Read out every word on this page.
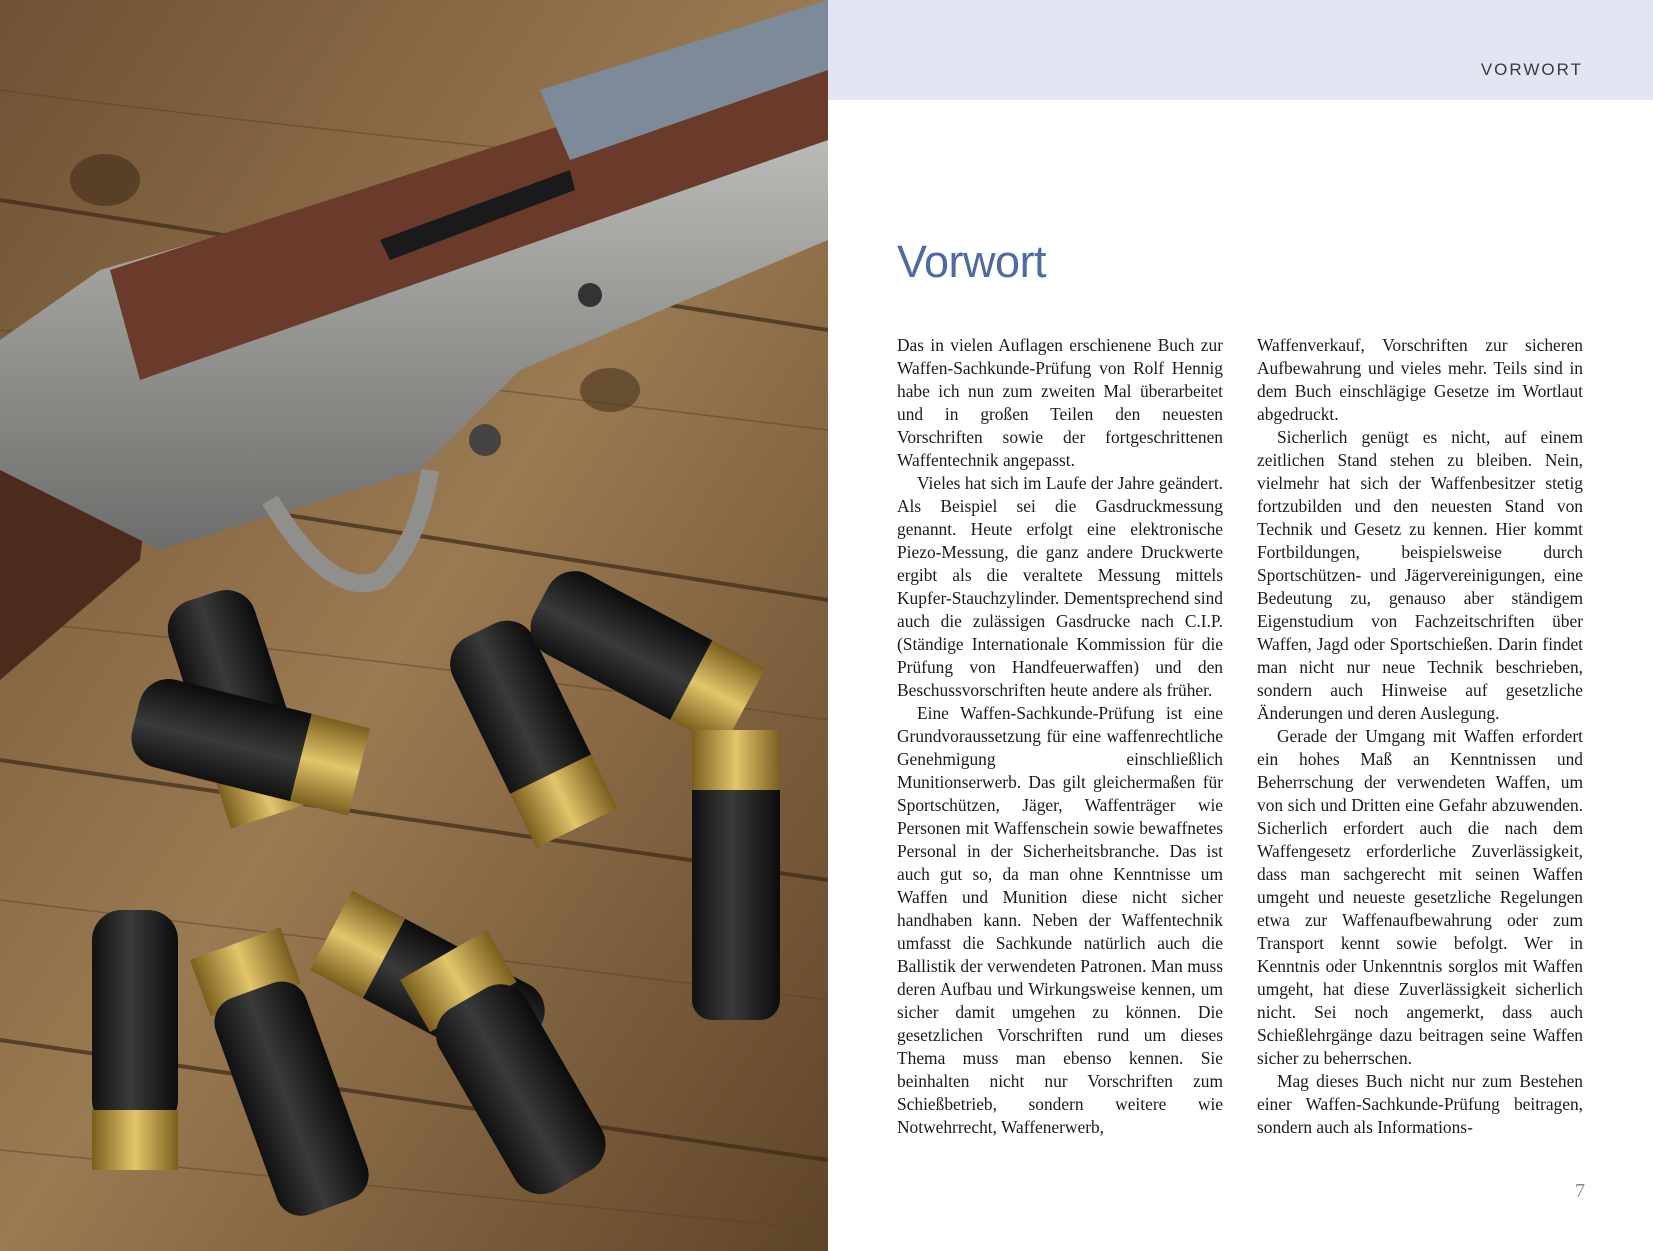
VORWORT
Vorwort

Das in vielen Auflagen erschienene Buch zur Waffen-Sachkunde-Prüfung von Rolf Hennig habe ich nun zum zweiten Mal überarbeitet und in großen Teilen den neuesten Vorschriften sowie der fortgeschrittenen Waffentechnik angepasst.

Vieles hat sich im Laufe der Jahre geändert. Als Beispiel sei die Gasdruckmessung genannt. Heute erfolgt eine elektronische Piezo-Messung, die ganz andere Druckwerte ergibt als die veraltete Messung mittels Kupfer-Stauchzylinder. Dementsprechend sind auch die zulässigen Gasdrucke nach C.I.P. (Ständige Internationale Kommission für die Prüfung von Handfeuerwaffen) und den Beschussvorschriften heute andere als früher.

Eine Waffen-Sachkunde-Prüfung ist eine Grundvoraussetzung für eine waffenrechtliche Genehmigung einschließlich Munitionserwerb. Das gilt gleichermaßen für Sportschützen, Jäger, Waffenträger wie Personen mit Waffenschein sowie bewaffnetes Personal in der Sicherheitsbranche. Das ist auch gut so, da man ohne Kenntnisse um Waffen und Munition diese nicht sicher handhaben kann. Neben der Waffentechnik umfasst die Sachkunde natürlich auch die Ballistik der verwendeten Patronen. Man muss deren Aufbau und Wirkungsweise kennen, um sicher damit umgehen zu können. Die gesetzlichen Vorschriften rund um dieses Thema muss man ebenso kennen. Sie beinhalten nicht nur Vorschriften zum Schießbetrieb, sondern weitere wie Notwehrrecht, Waffenerwerb,

Waffenverkauf, Vorschriften zur sicheren Aufbewahrung und vieles mehr. Teils sind in dem Buch einschlägige Gesetze im Wortlaut abgedruckt.

Sicherlich genügt es nicht, auf einem zeitlichen Stand stehen zu bleiben. Nein, vielmehr hat sich der Waffenbesitzer stetig fortzubilden und den neuesten Stand von Technik und Gesetz zu kennen. Hier kommt Fortbildungen, beispielsweise durch Sportschützen- und Jägervereinigungen, eine Bedeutung zu, genauso aber ständigem Eigenstudium von Fachzeitschriften über Waffen, Jagd oder Sportschießen. Darin findet man nicht nur neue Technik beschrieben, sondern auch Hinweise auf gesetzliche Änderungen und deren Auslegung.

Gerade der Umgang mit Waffen erfordert ein hohes Maß an Kenntnissen und Beherrschung der verwendeten Waffen, um von sich und Dritten eine Gefahr abzuwenden. Sicherlich erfordert auch die nach dem Waffengesetz erforderliche Zuverlässigkeit, dass man sachgerecht mit seinen Waffen umgeht und neueste gesetzliche Regelungen etwa zur Waffenaufbewahrung oder zum Transport kennt sowie befolgt. Wer in Kenntnis oder Unkenntnis sorglos mit Waffen umgeht, hat diese Zuverlässigkeit sicherlich nicht. Sei noch angemerkt, dass auch Schießlehrgänge dazu beitragen seine Waffen sicher zu beherrschen.

Mag dieses Buch nicht nur zum Bestehen einer Waffen-Sachkunde-Prüfung beitragen, sondern auch als Informations-

7
